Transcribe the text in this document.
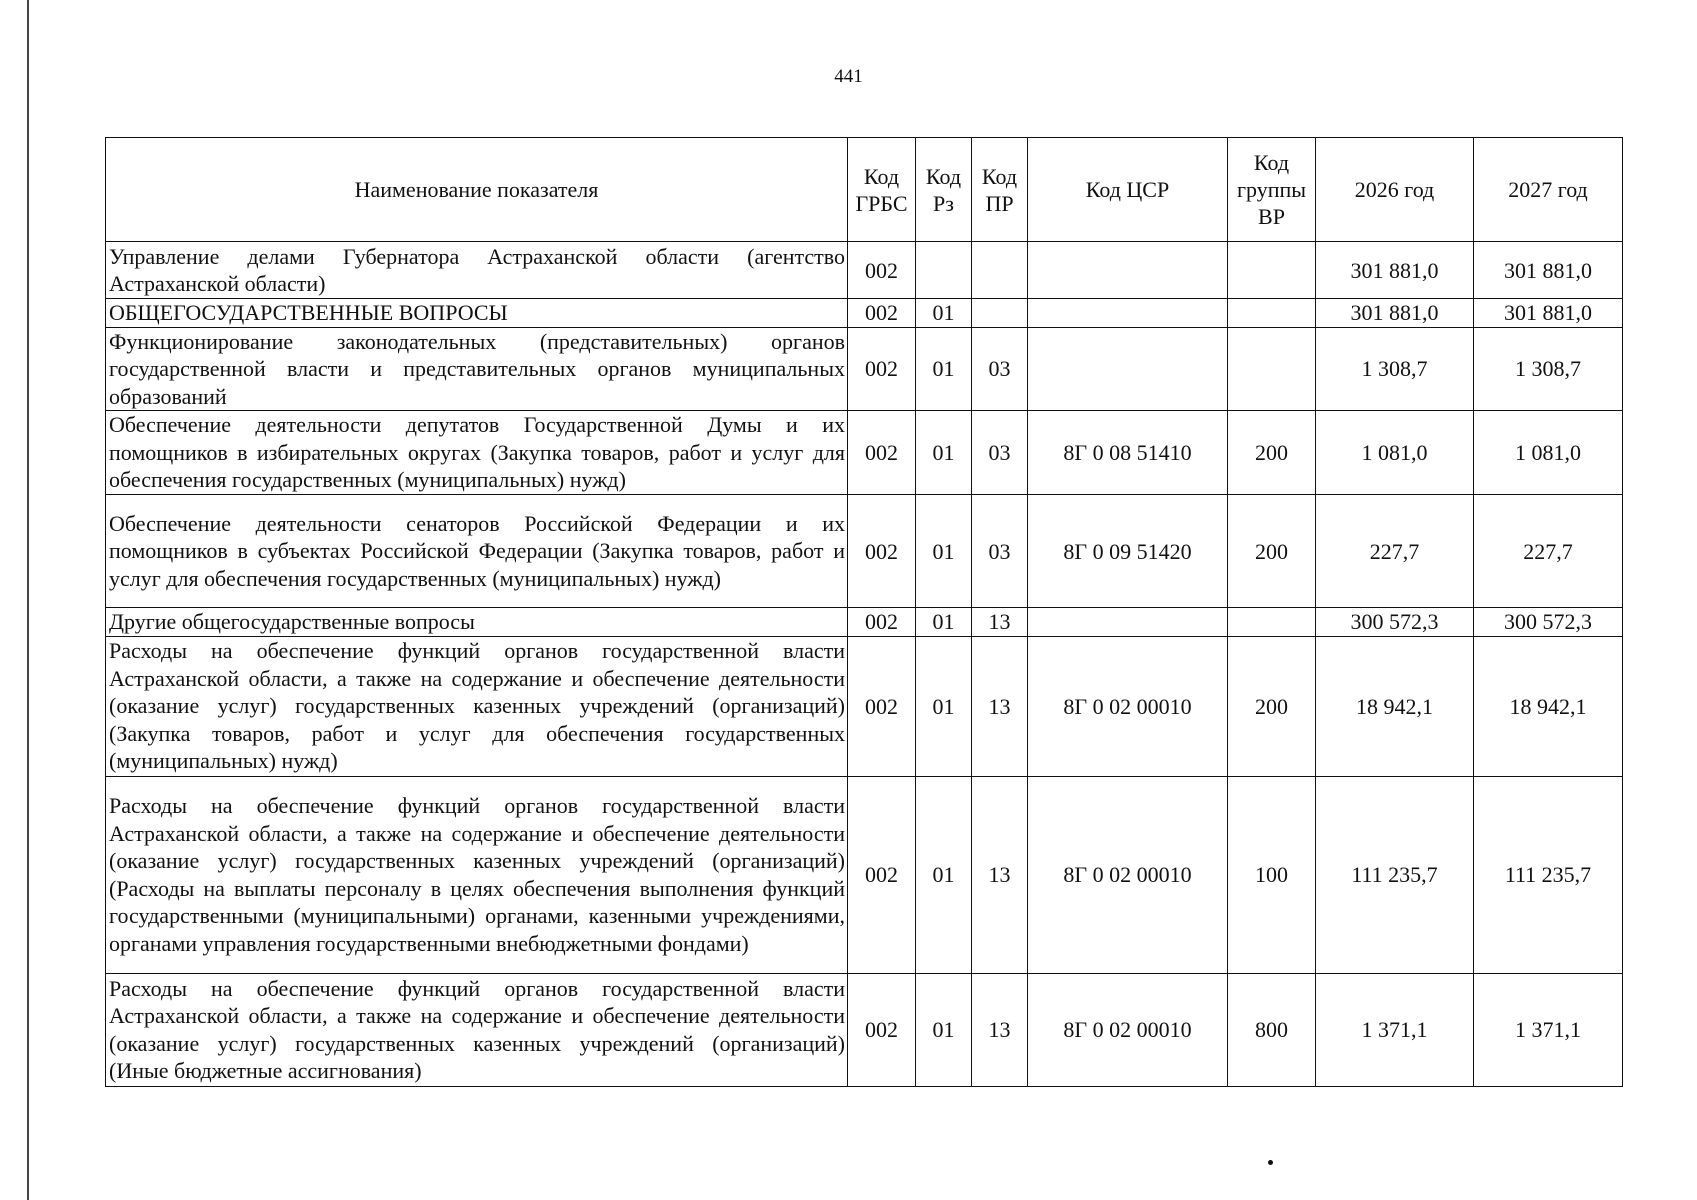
441
Наименование показателя	Код ГРБС	Код Рз	Код ПР	Код ЦСР	Код группы ВР	2026 год	2027 год
Управление делами Губернатора Астраханской области (агентство Астраханской области)	002					301 881,0	301 881,0
ОБЩЕГОСУДАРСТВЕННЫЕ ВОПРОСЫ	002	01				301 881,0	301 881,0
Функционирование законодательных (представительных) органов государственной власти и представительных органов муниципальных образований	002	01	03			1 308,7	1 308,7
Обеспечение деятельности депутатов Государственной Думы и их помощников в избирательных округах (Закупка товаров, работ и услуг для обеспечения государственных (муниципальных) нужд)	002	01	03	8Г 0 08 51410	200	1 081,0	1 081,0
Обеспечение деятельности сенаторов Российской Федерации и их помощников в субъектах Российской Федерации (Закупка товаров, работ и услуг для обеспечения государственных (муниципальных) нужд)	002	01	03	8Г 0 09 51420	200	227,7	227,7
Другие общегосударственные вопросы	002	01	13			300 572,3	300 572,3
Расходы на обеспечение функций органов государственной власти Астраханской области, а также на содержание и обеспечение деятельности (оказание услуг) государственных казенных учреждений (организаций) (Закупка товаров, работ и услуг для обеспечения государственных (муниципальных) нужд)	002	01	13	8Г 0 02 00010	200	18 942,1	18 942,1
Расходы на обеспечение функций органов государственной власти Астраханской области, а также на содержание и обеспечение деятельности (оказание услуг) государственных казенных учреждений (организаций) (Расходы на выплаты персоналу в целях обеспечения выполнения функций государственными (муниципальными) органами, казенными учреждениями, органами управления государственными внебюджетными фондами)	002	01	13	8Г 0 02 00010	100	111 235,7	111 235,7
Расходы на обеспечение функций органов государственной власти Астраханской области, а также на содержание и обеспечение деятельности (оказание услуг) государственных казенных учреждений (организаций) (Иные бюджетные ассигнования)	002	01	13	8Г 0 02 00010	800	1 371,1	1 371,1
